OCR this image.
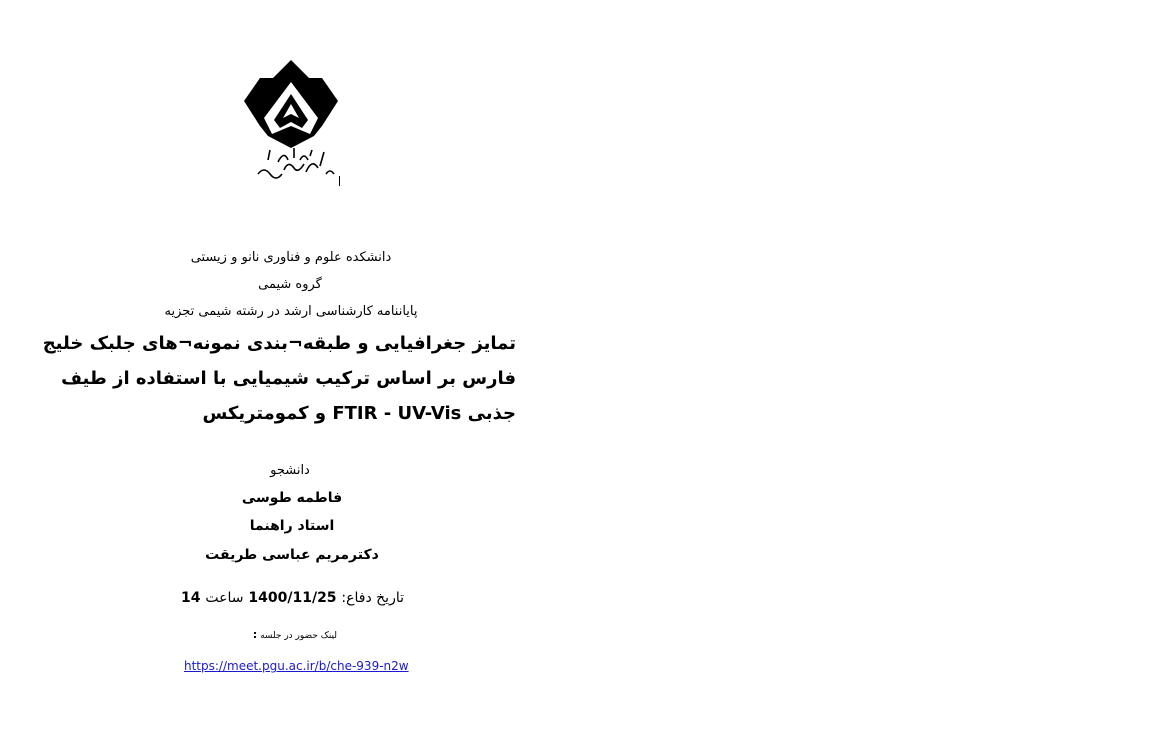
دانشکده علوم و فناوری نانو و زیستی
گروه شیمی
پایاننامه کارشناسی ارشد در رشته شیمی تجزیه
تمایز جغرافیایی و طبقه¬بندی نمونه¬های جلبک خلیج
فارس بر اساس ترکیب شیمیایی با استفاده از طیف
جذبی FTIR - UV-Vis و کمومتریکس
دانشجو
فاطمه طوسی
استاد راهنما
دکترمریم عباسی طریقت
تاریخ دفاع: 1400/11/25 ساعت 14
لینک حضور در جلسه :
https://meet.pgu.ac.ir/b/che-939-n2w
